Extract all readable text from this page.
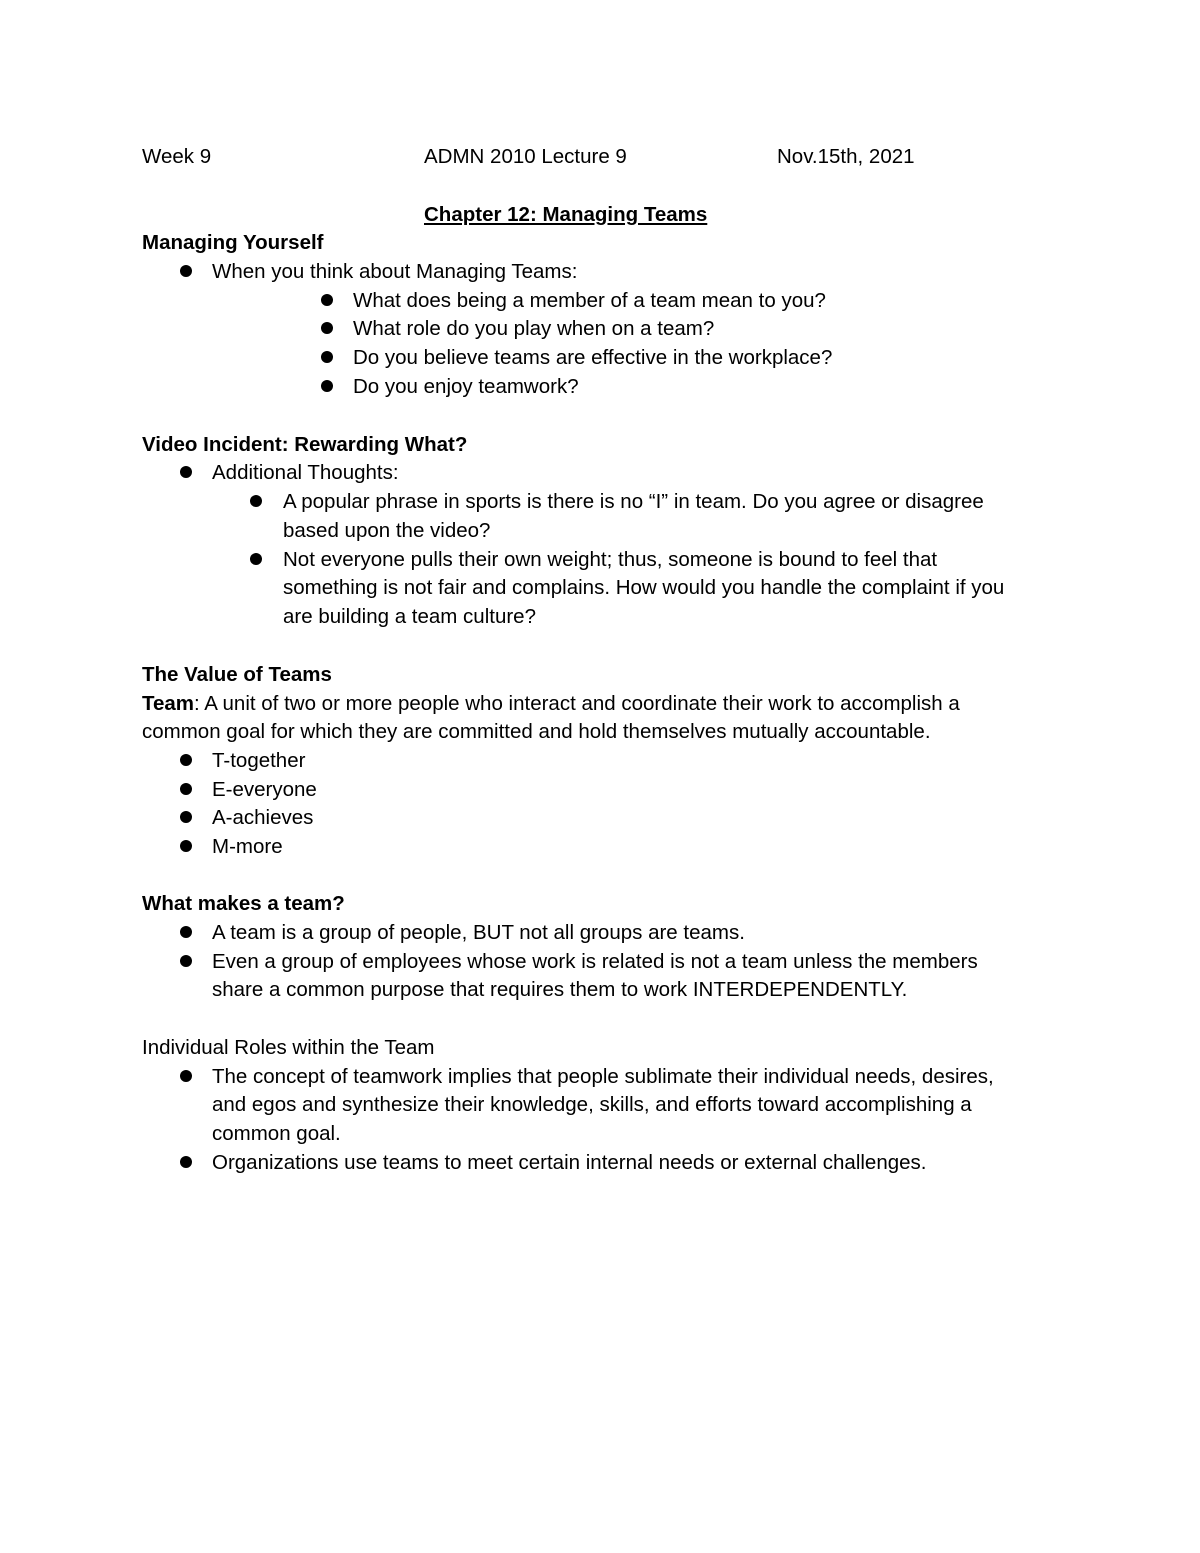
Week 9	ADMN 2010 Lecture 9	Nov.15th, 2021
Chapter 12: Managing Teams
Managing Yourself
When you think about Managing Teams:
What does being a member of a team mean to you?
What role do you play when on a team?
Do you believe teams are effective in the workplace?
Do you enjoy teamwork?
Video Incident: Rewarding What?
Additional Thoughts:
A popular phrase in sports is there is no “I” in team. Do you agree or disagree
based upon the video?
Not everyone pulls their own weight; thus, someone is bound to feel that
something is not fair and complains. How would you handle the complaint if you
are building a team culture?
The Value of Teams
Team: A unit of two or more people who interact and coordinate their work to accomplish a
common goal for which they are committed and hold themselves mutually accountable.
T-together
E-everyone
A-achieves
M-more
What makes a team?
A team is a group of people, BUT not all groups are teams.
Even a group of employees whose work is related is not a team unless the members
share a common purpose that requires them to work INTERDEPENDENTLY.
Individual Roles within the Team
The concept of teamwork implies that people sublimate their individual needs, desires,
and egos and synthesize their knowledge, skills, and efforts toward accomplishing a
common goal.
Organizations use teams to meet certain internal needs or external challenges.
